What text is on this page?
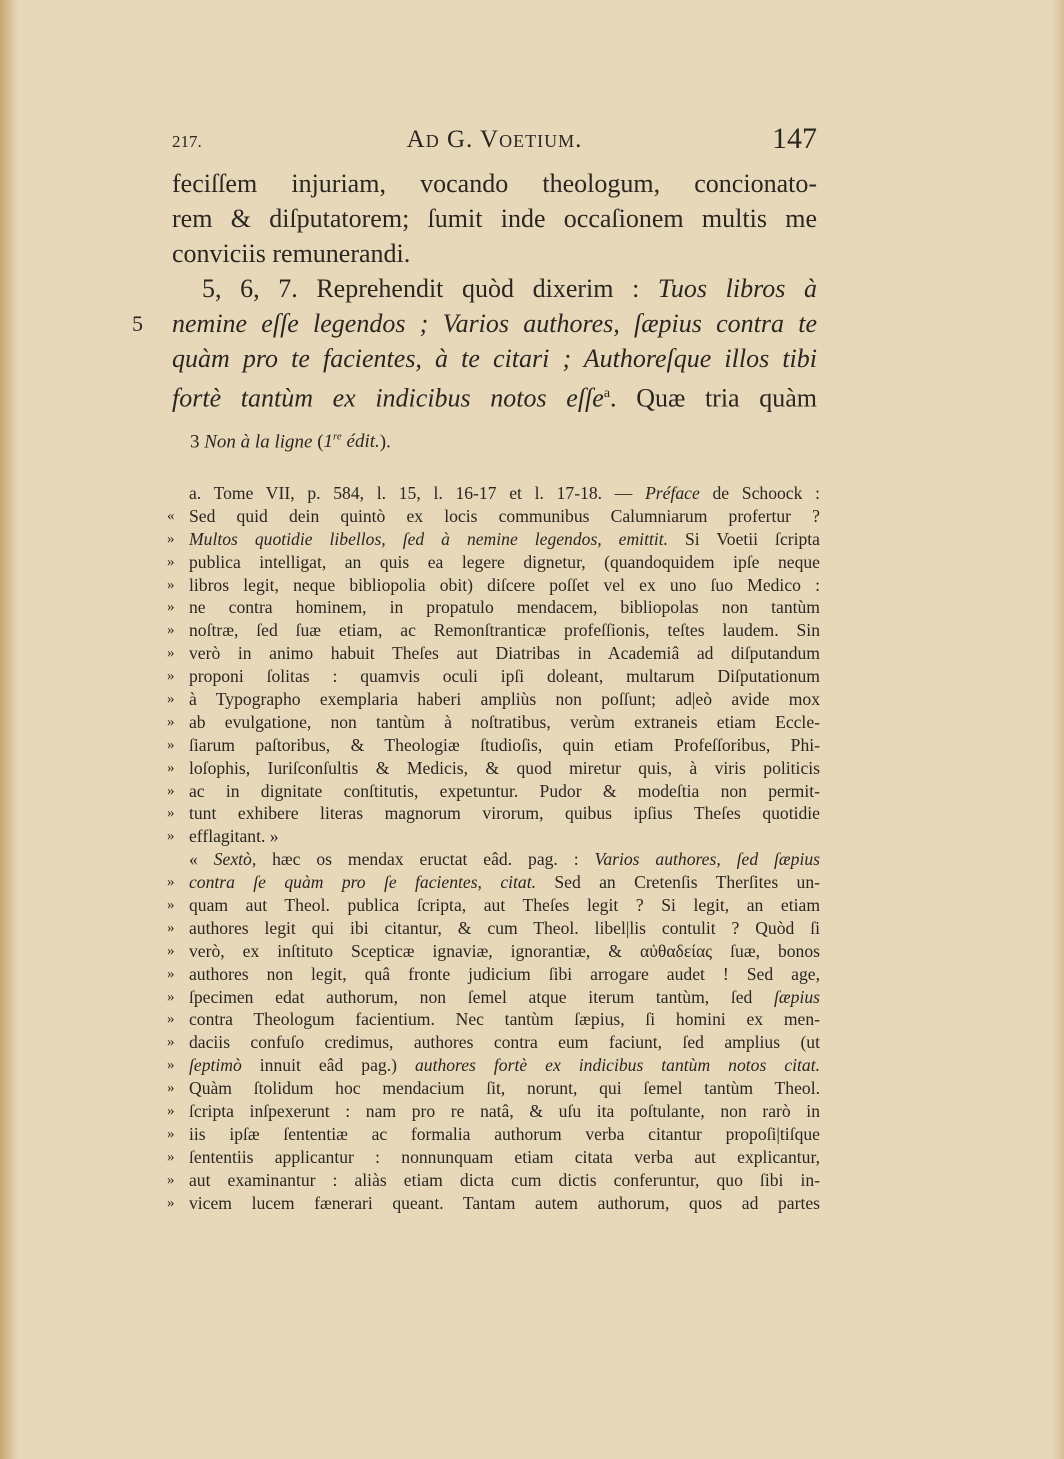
217.	Ad G. Voetium.	147
feciſſem injuriam, vocando theologum, concionato-
rem & diſputatorem; ſumit inde occaſionem multis me
conviciis remunerandi.
5, 6, 7. Reprehendit quòd dixerim : Tuos libros à
5 nemine eſſe legendos ; Varios authores, ſæpius contra te
quàm pro te facientes, à te citari ; Authoreſque illos tibi
fortè tantùm ex indicibus notos eſſe$^a$. Quæ tria quàm
3 Non à la ligne (1re édit.).
a. Tome VII, p. 584, l. 15, l. 16-17 et l. 17-18. — Préface de Schoock :
« Sed quid dein quintò ex locis communibus Calumniarum profertur ?
» Multos quotidie libellos, ſed à nemine legendos, emittit. Si Voetii ſcripta
» publica intelligat, an quis ea legere dignetur, (quandoquidem ipſe neque
» libros legit, neque bibliopolia obit) diſcere poſſet vel ex uno ſuo Medico :
» ne contra hominem, in propatulo mendacem, bibliopolas non tantùm
» noſtræ, ſed ſuæ etiam, ac Remonſtranticæ profeſſionis, teſtes laudem. Sin
» verò in animo habuit Theſes aut Diatribas in Academiâ ad diſputandum
» proponi ſolitas : quamvis oculi ipſi doleant, multarum Diſputationum
» à Typographo exemplaria haberi ampliùs non poſſunt; ad|eò avide mox
» ab evulgatione, non tantùm à noſtratibus, verùm extraneis etiam Eccle-
» ſiarum paſtoribus, & Theologiæ ſtudioſis, quin etiam Profeſſoribus, Phi-
» loſophis, Iuriſconſultis & Medicis, & quod miretur quis, à viris politicis
» ac in dignitate conſtitutis, expetuntur. Pudor & modeſtia non permit-
» tunt exhibere literas magnorum virorum, quibus ipſius Theſes quotidie
» efflagitant. »
« Sextò, hæc os mendax eructat eâd. pag. : Varios authores, ſed ſæpius
» contra ſe quàm pro ſe facientes, citat. Sed an Cretenſis Therſites un-
» quam aut Theol. publica ſcripta, aut Theſes legit ? Si legit, an etiam
» authores legit qui ibi citantur, & cum Theol. libel|lis contulit ? Quòd ſi
» verò, ex inſtituto Scepticæ ignaviæ, ignorantiæ, & αὐθαδείας ſuæ, bonos
» authores non legit, quâ fronte judicium ſibi arrogare audet ! Sed age,
» ſpecimen edat authorum, non ſemel atque iterum tantùm, ſed ſæpius
» contra Theologum facientium. Nec tantùm ſæpius, ſi homini ex men-
» daciis confuſo credimus, authores contra eum faciunt, ſed amplius (ut
» ſeptimò innuit eâd pag.) authores fortè ex indicibus tantùm notos citat.
» Quàm ſtolidum hoc mendacium ſit, norunt, qui ſemel tantùm Theol.
» ſcripta inſpexerunt : nam pro re natâ, & uſu ita poſtulante, non rarò in
» iis ipſæ ſententiæ ac formalia authorum verba citantur propoſi|tiſque
» ſententiis applicantur : nonnunquam etiam citata verba aut explicantur,
» aut examinantur : aliàs etiam dicta cum dictis conferuntur, quo ſibi in-
» vicem lucem fænerari queant. Tantam autem authorum, quos ad partes
